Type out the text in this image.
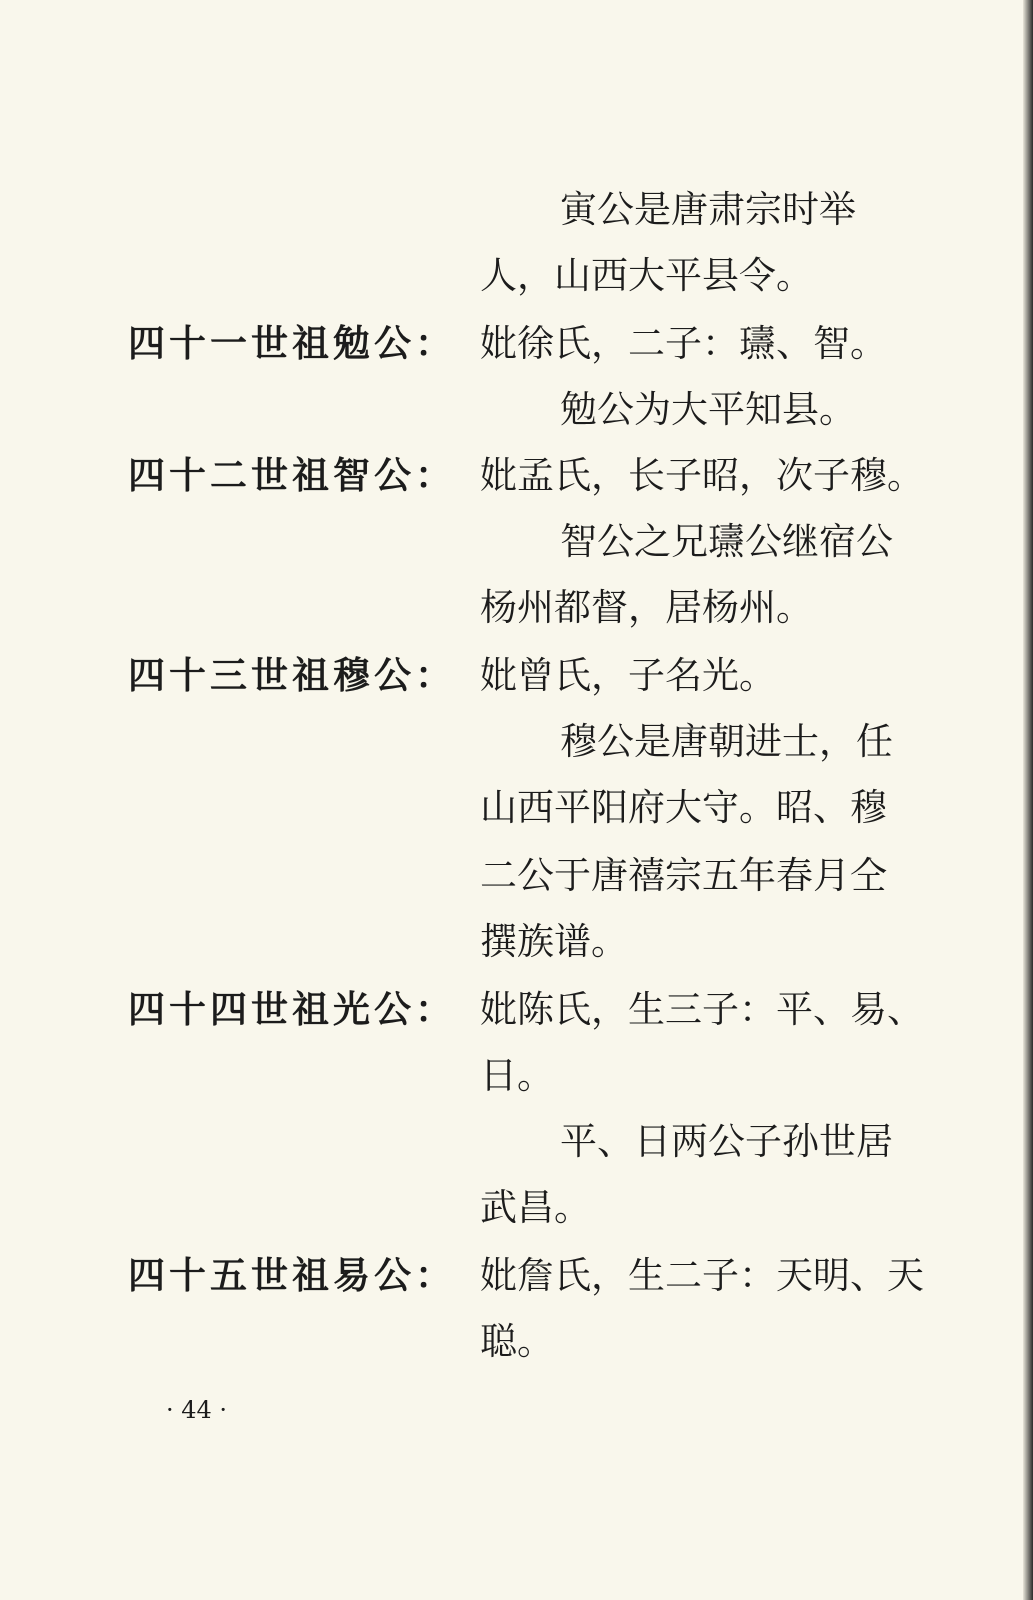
寅公是唐肃宗时举
人，山西大平县令。
四十一世祖勉公： 妣徐氏，二子：瓙、智。
勉公为大平知县。
四十二世祖智公： 妣孟氏，长子昭，次子穆。
智公之兄瓙公继宿公
杨州都督，居杨州。
四十三世祖穆公： 妣曾氏，子名光。
穆公是唐朝进士，任
山西平阳府大守。昭、穆
二公于唐禧宗五年春月仝
撰族谱。
四十四世祖光公： 妣陈氏，生三子：平、易、
日。
平、日两公子孙世居
武昌。
四十五世祖易公： 妣詹氏，生二子：天明、天
聪。
· 44 ·
